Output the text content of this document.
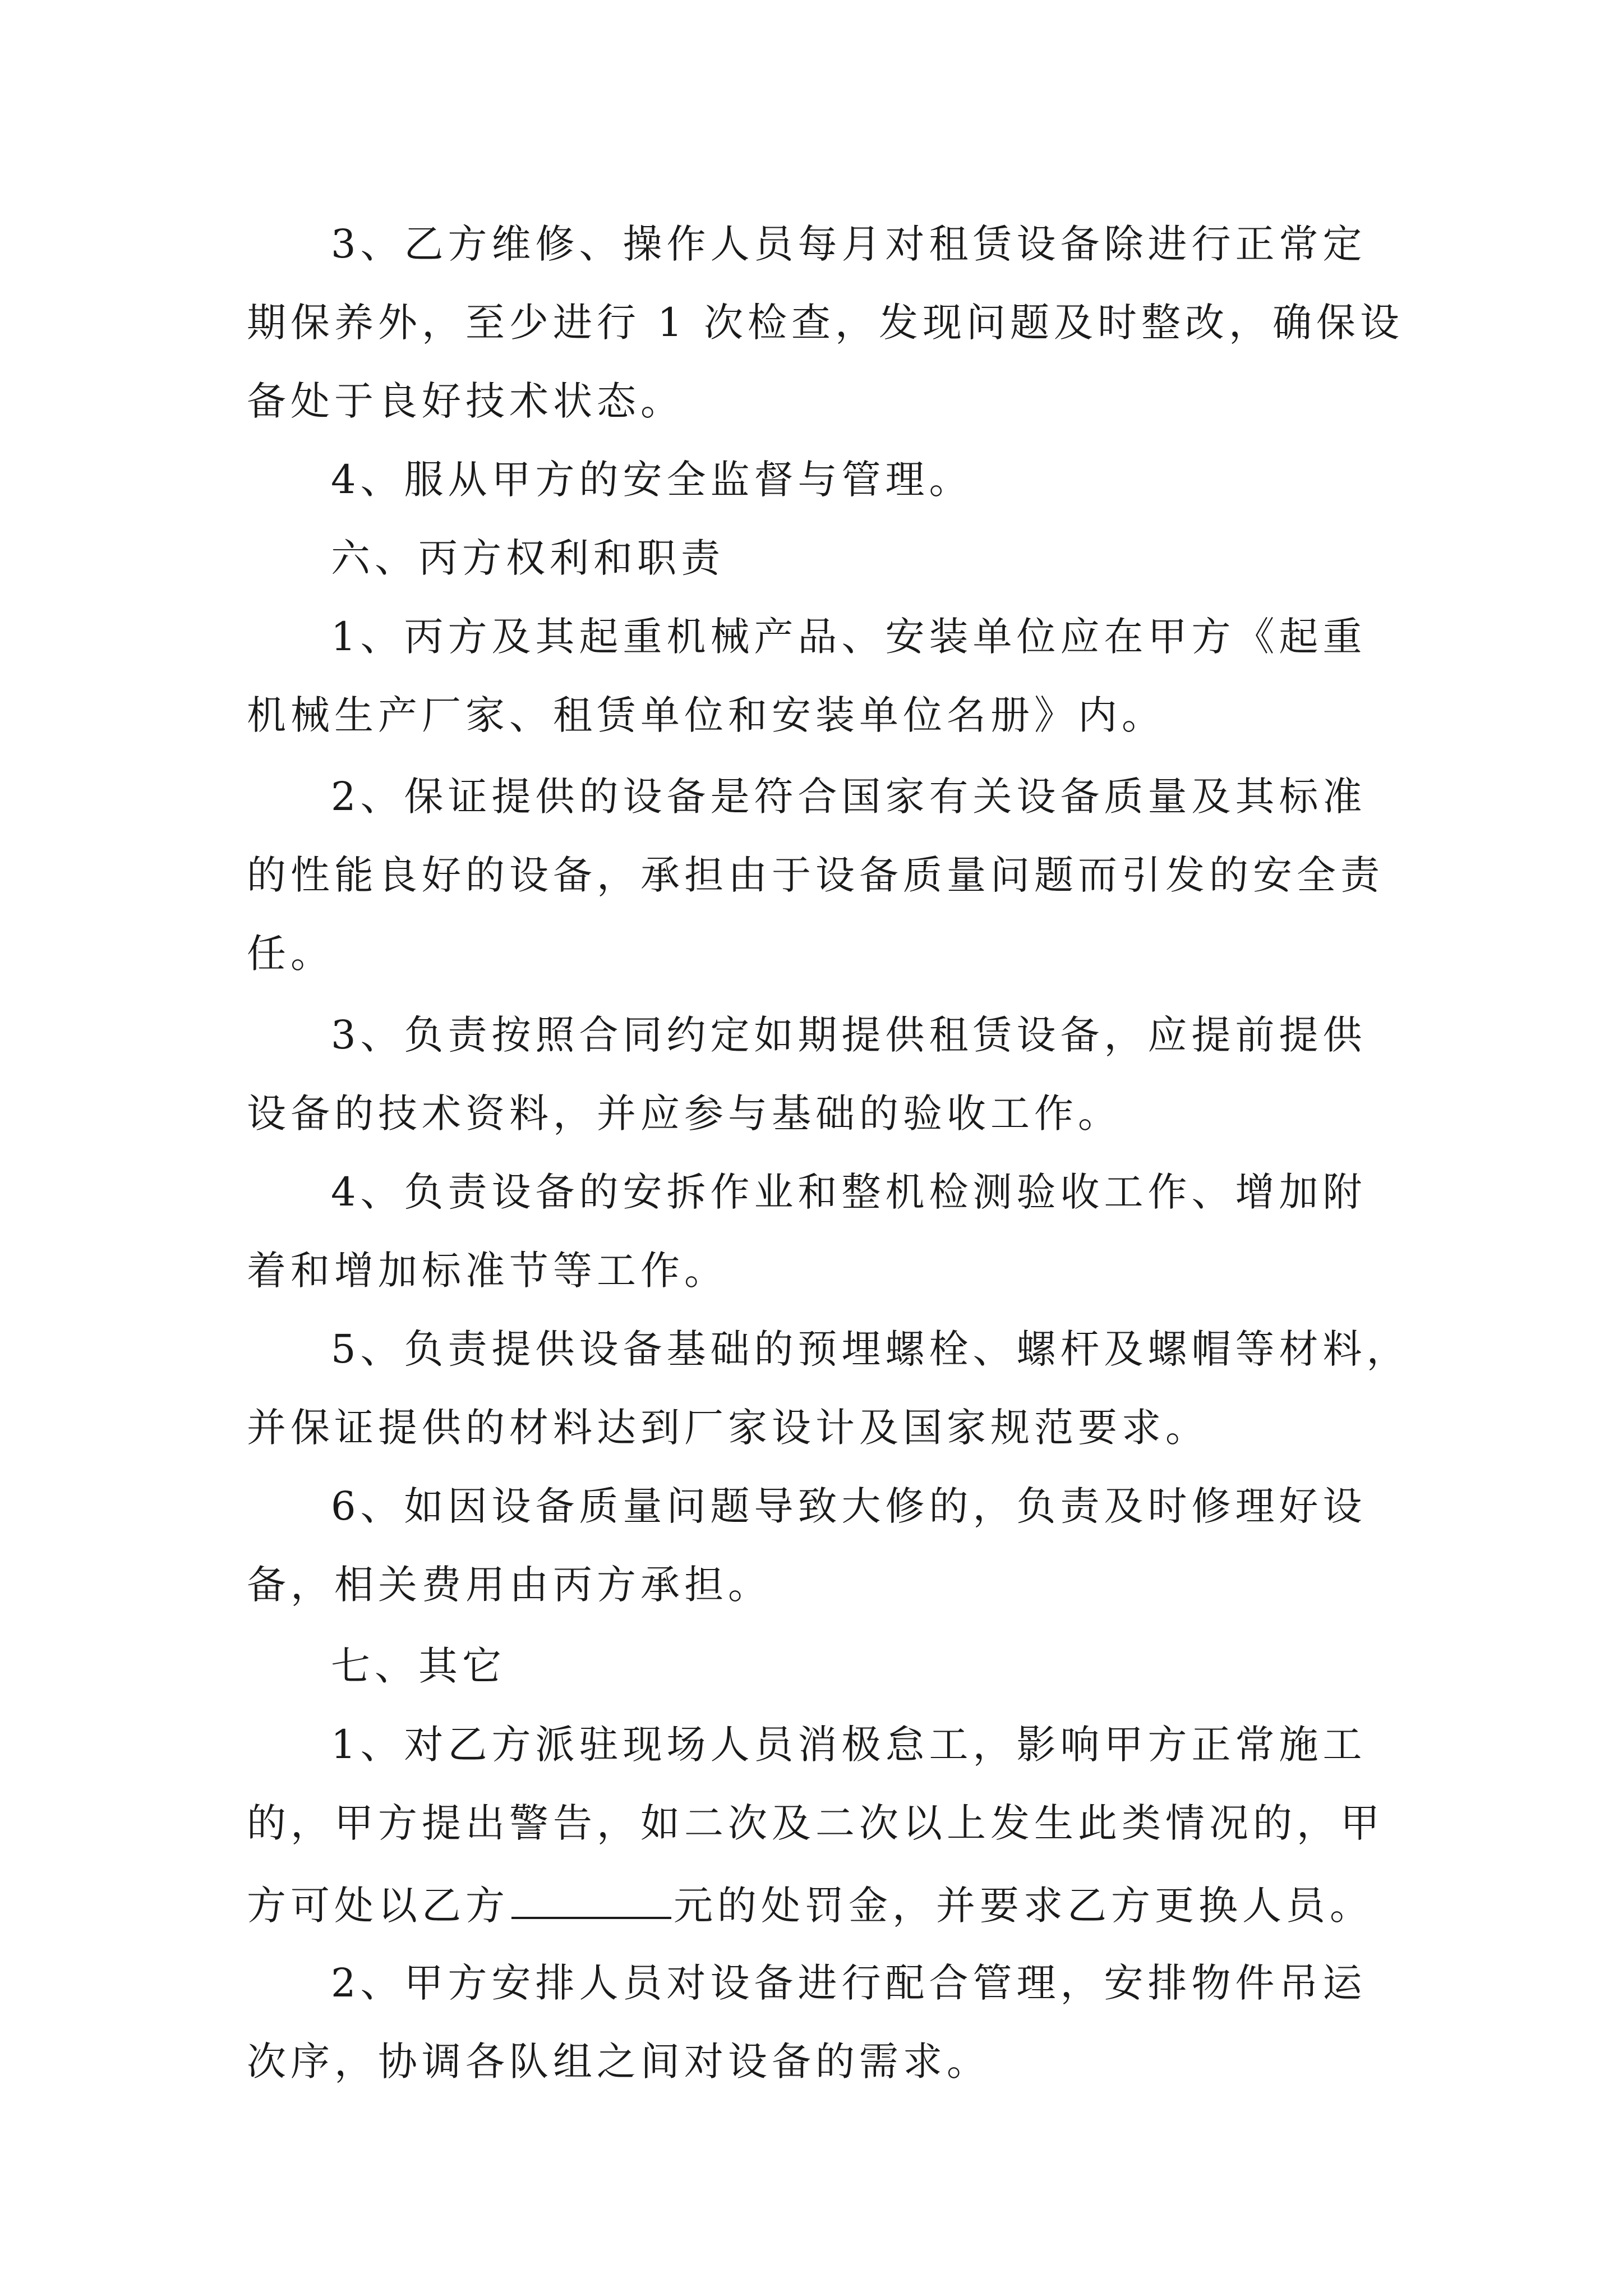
3、乙方维修、操作人员每月对租赁设备除进行正常定

期保养外，至少进行 1 次检查，发现问题及时整改，确保设

备处于良好技术状态。

4、服从甲方的安全监督与管理。

六、丙方权利和职责

1、丙方及其起重机械产品、安装单位应在甲方《起重

机械生产厂家、租赁单位和安装单位名册》内。

2、保证提供的设备是符合国家有关设备质量及其标准

的性能良好的设备，承担由于设备质量问题而引发的安全责

任。

3、负责按照合同约定如期提供租赁设备，应提前提供

设备的技术资料，并应参与基础的验收工作。

4、负责设备的安拆作业和整机检测验收工作、增加附

着和增加标准节等工作。

5、负责提供设备基础的预埋螺栓、螺杆及螺帽等材料，

并保证提供的材料达到厂家设计及国家规范要求。

6、如因设备质量问题导致大修的，负责及时修理好设

备，相关费用由丙方承担。

七、其它

1、对乙方派驻现场人员消极怠工，影响甲方正常施工

的，甲方提出警告，如二次及二次以上发生此类情况的，甲

方可处以乙方	元的处罚金，并要求乙方更换人员。

2、甲方安排人员对设备进行配合管理，安排物件吊运

次序，协调各队组之间对设备的需求。
